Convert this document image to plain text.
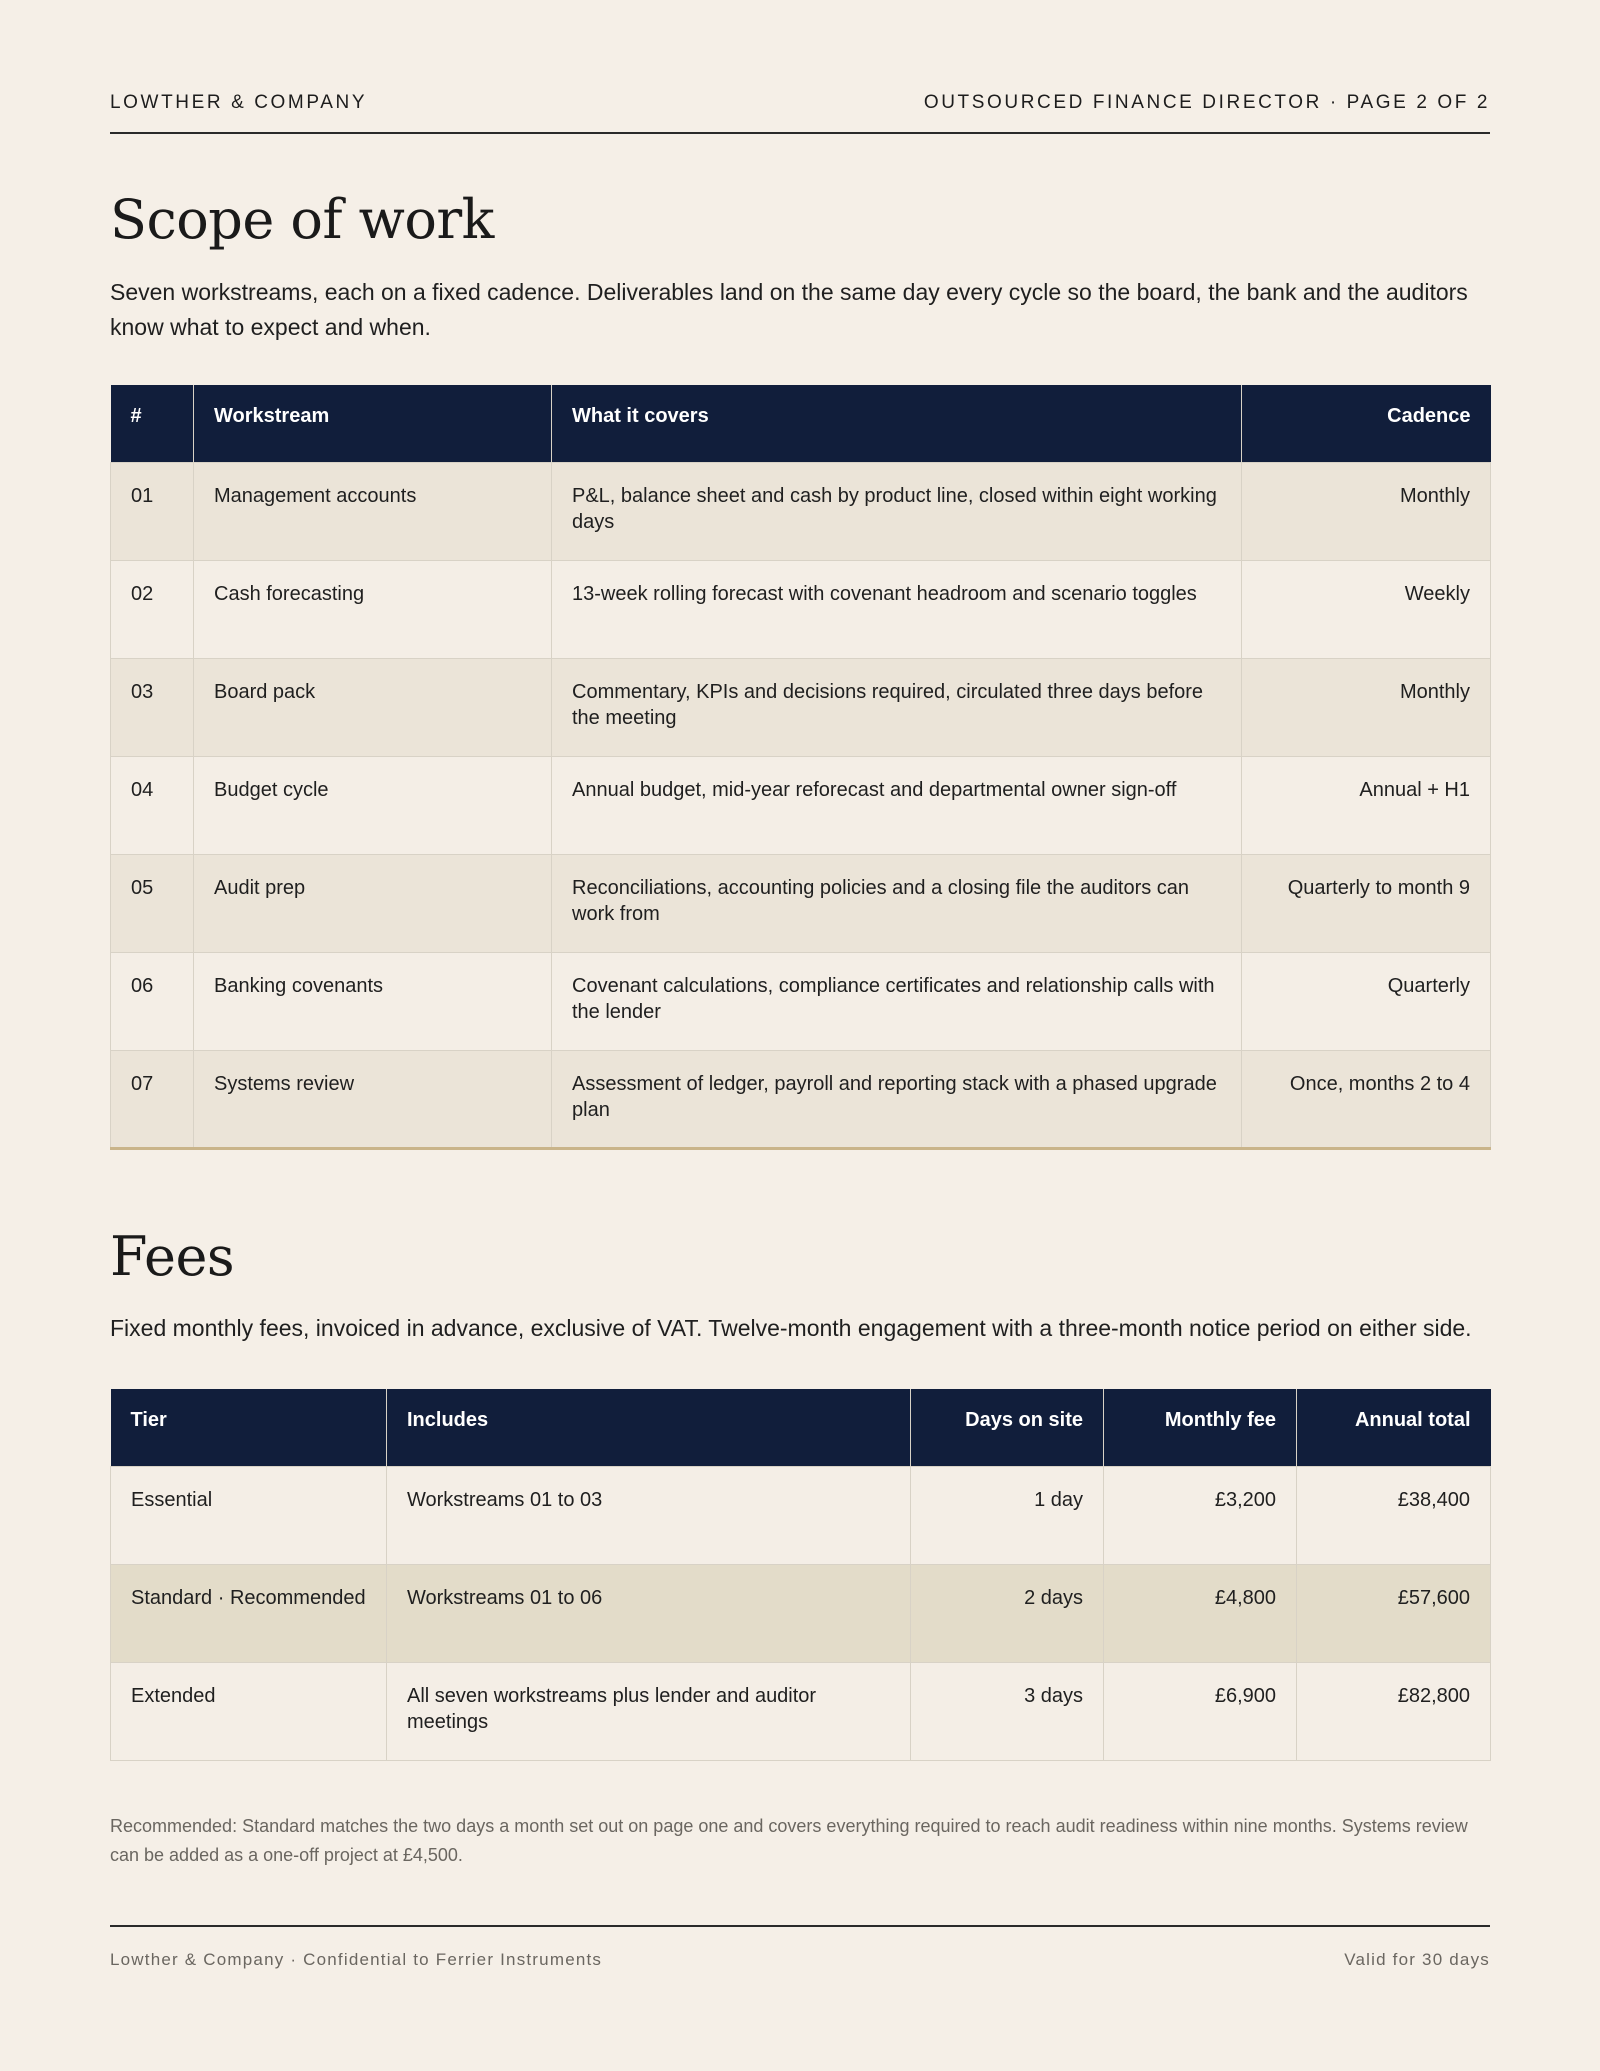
LOWTHER & COMPANY	OUTSOURCED FINANCE DIRECTOR · PAGE 2 OF 2
Scope of work

Seven workstreams, each on a fixed cadence. Deliverables land on the same day every cycle so the board, the bank and the auditors know what to expect and when.

#	Workstream	What it covers	Cadence
01	Management accounts	P&L, balance sheet and cash by product line, closed within eight working days	Monthly
02	Cash forecasting	13-week rolling forecast with covenant headroom and scenario toggles	Weekly
03	Board pack	Commentary, KPIs and decisions required, circulated three days before the meeting	Monthly
04	Budget cycle	Annual budget, mid-year reforecast and departmental owner sign-off	Annual + H1
05	Audit prep	Reconciliations, accounting policies and a closing file the auditors can work from	Quarterly to month 9
06	Banking covenants	Covenant calculations, compliance certificates and relationship calls with the lender	Quarterly
07	Systems review	Assessment of ledger, payroll and reporting stack with a phased upgrade plan	Once, months 2 to 4
Fees

Fixed monthly fees, invoiced in advance, exclusive of VAT. Twelve-month engagement with a three-month notice period on either side.

Tier	Includes	Days on site	Monthly fee	Annual total
Essential	Workstreams 01 to 03	1 day	£3,200	£38,400
Standard · Recommended	Workstreams 01 to 06	2 days	£4,800	£57,600
Extended	All seven workstreams plus lender and auditor meetings	3 days	£6,900	£82,800

Recommended: Standard matches the two days a month set out on page one and covers everything required to reach audit readiness within nine months. Systems review can be added as a one-off project at £4,500.

Lowther & Company · Confidential to Ferrier Instruments	Valid for 30 days
